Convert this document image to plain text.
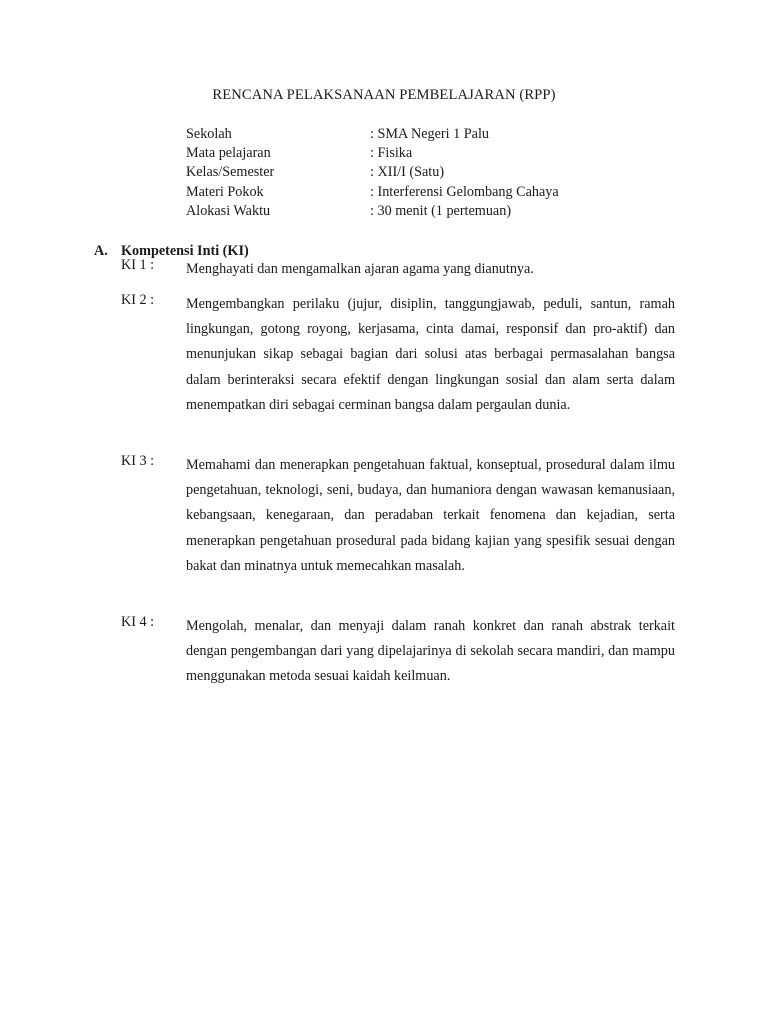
RENCANA PELAKSANAAN PEMBELAJARAN (RPP)
Sekolah	: SMA Negeri 1 Palu
Mata pelajaran	: Fisika
Kelas/Semester	: XII/I (Satu)
Materi Pokok	: Interferensi Gelombang Cahaya
Alokasi Waktu	: 30 menit (1 pertemuan)
A. Kompetensi Inti (KI)
KI 1 : Menghayati dan mengamalkan ajaran agama yang dianutnya.
KI 2 : Mengembangkan perilaku (jujur, disiplin, tanggungjawab, peduli, santun, ramah lingkungan, gotong royong, kerjasama, cinta damai, responsif dan pro-aktif) dan menunjukan sikap sebagai bagian dari solusi atas berbagai permasalahan bangsa dalam berinteraksi secara efektif dengan lingkungan sosial dan alam serta dalam menempatkan diri sebagai cerminan bangsa dalam pergaulan dunia.
KI 3 : Memahami dan menerapkan pengetahuan faktual, konseptual, prosedural dalam ilmu pengetahuan, teknologi, seni, budaya, dan humaniora dengan wawasan kemanusiaan, kebangsaan, kenegaraan, dan peradaban terkait fenomena dan kejadian, serta menerapkan pengetahuan prosedural pada bidang kajian yang spesifik sesuai dengan bakat dan minatnya untuk memecahkan masalah.
KI 4 : Mengolah, menalar, dan menyaji dalam ranah konkret dan ranah abstrak terkait dengan pengembangan dari yang dipelajarinya di sekolah secara mandiri, dan mampu menggunakan metoda sesuai kaidah keilmuan.
